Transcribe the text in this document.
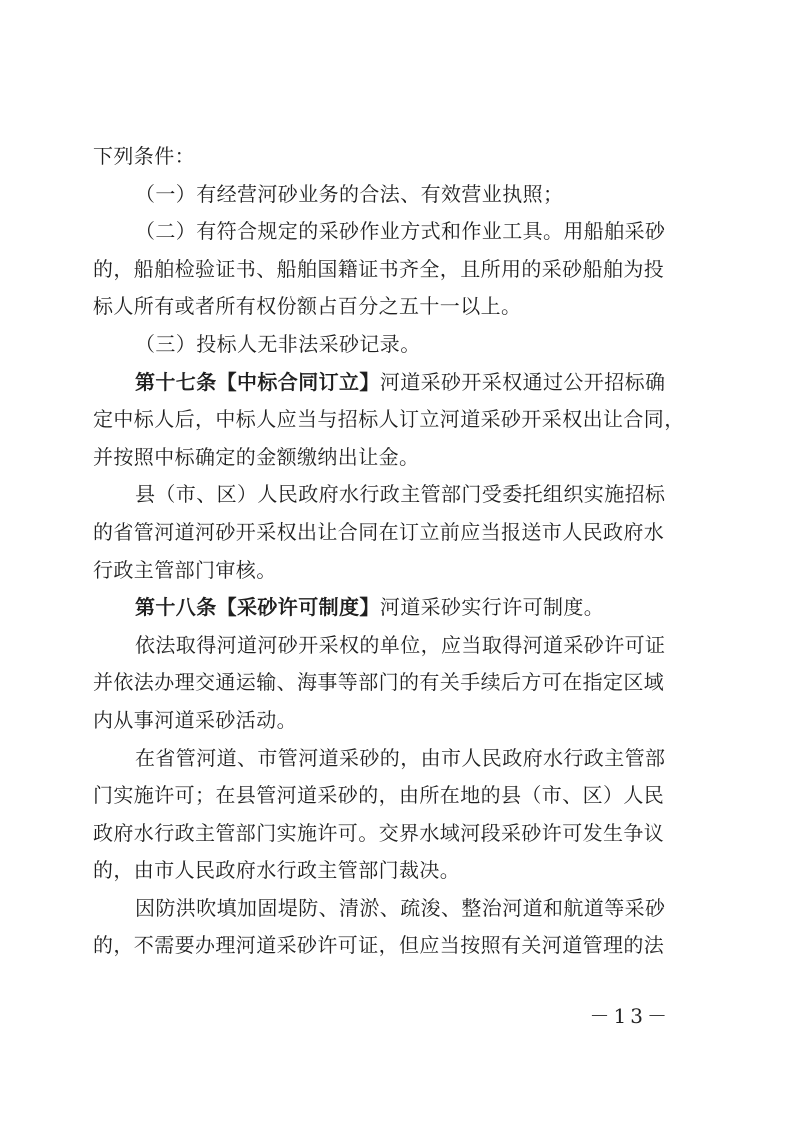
下列条件：
（一）有经营河砂业务的合法、有效营业执照；
（二）有符合规定的采砂作业方式和作业工具。用船舶采砂
的，船舶检验证书、船舶国籍证书齐全，且所用的采砂船舶为投
标人所有或者所有权份额占百分之五十一以上。
（三）投标人无非法采砂记录。
第十七条【中标合同订立】河道采砂开采权通过公开招标确
定中标人后，中标人应当与招标人订立河道采砂开采权出让合同，
并按照中标确定的金额缴纳出让金。
县（市、区）人民政府水行政主管部门受委托组织实施招标
的省管河道河砂开采权出让合同在订立前应当报送市人民政府水
行政主管部门审核。
第十八条【采砂许可制度】河道采砂实行许可制度。
依法取得河道河砂开采权的单位，应当取得河道采砂许可证
并依法办理交通运输、海事等部门的有关手续后方可在指定区域
内从事河道采砂活动。
在省管河道、市管河道采砂的，由市人民政府水行政主管部
门实施许可；在县管河道采砂的，由所在地的县（市、区）人民
政府水行政主管部门实施许可。交界水域河段采砂许可发生争议
的，由市人民政府水行政主管部门裁决。
因防洪吹填加固堤防、清淤、疏浚、整治河道和航道等采砂
的，不需要办理河道采砂许可证，但应当按照有关河道管理的法
－13－
